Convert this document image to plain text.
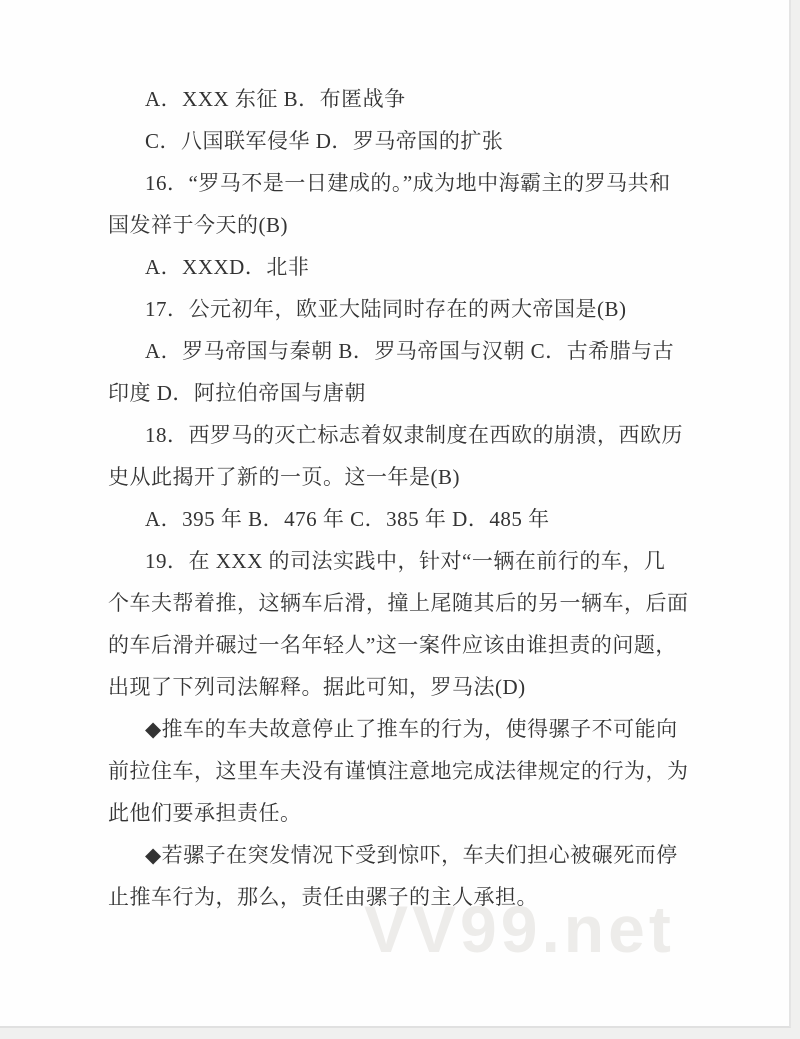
VV99.net
A．XXX 东征 B．布匿战争
C．八国联军侵华 D．罗马帝国的扩张
16．“罗马不是一日建成的。”成为地中海霸主的罗马共和
国发祥于今天的(B)
A．XXXD．北非
17．公元初年，欧亚大陆同时存在的两大帝国是(B)
A．罗马帝国与秦朝 B．罗马帝国与汉朝 C．古希腊与古
印度 D．阿拉伯帝国与唐朝
18．西罗马的灭亡标志着奴隶制度在西欧的崩溃，西欧历
史从此揭开了新的一页。这一年是(B)
A．395 年 B．476 年 C．385 年 D．485 年
19．在 XXX 的司法实践中，针对“一辆在前行的车，几
个车夫帮着推，这辆车后滑，撞上尾随其后的另一辆车，后面
的车后滑并碾过一名年轻人”这一案件应该由谁担责的问题，
出现了下列司法解释。据此可知，罗马法(D)
◆推车的车夫故意停止了推车的行为，使得骡子不可能向
前拉住车，这里车夫没有谨慎注意地完成法律规定的行为，为
此他们要承担责任。
◆若骡子在突发情况下受到惊吓，车夫们担心被碾死而停
止推车行为，那么，责任由骡子的主人承担。
